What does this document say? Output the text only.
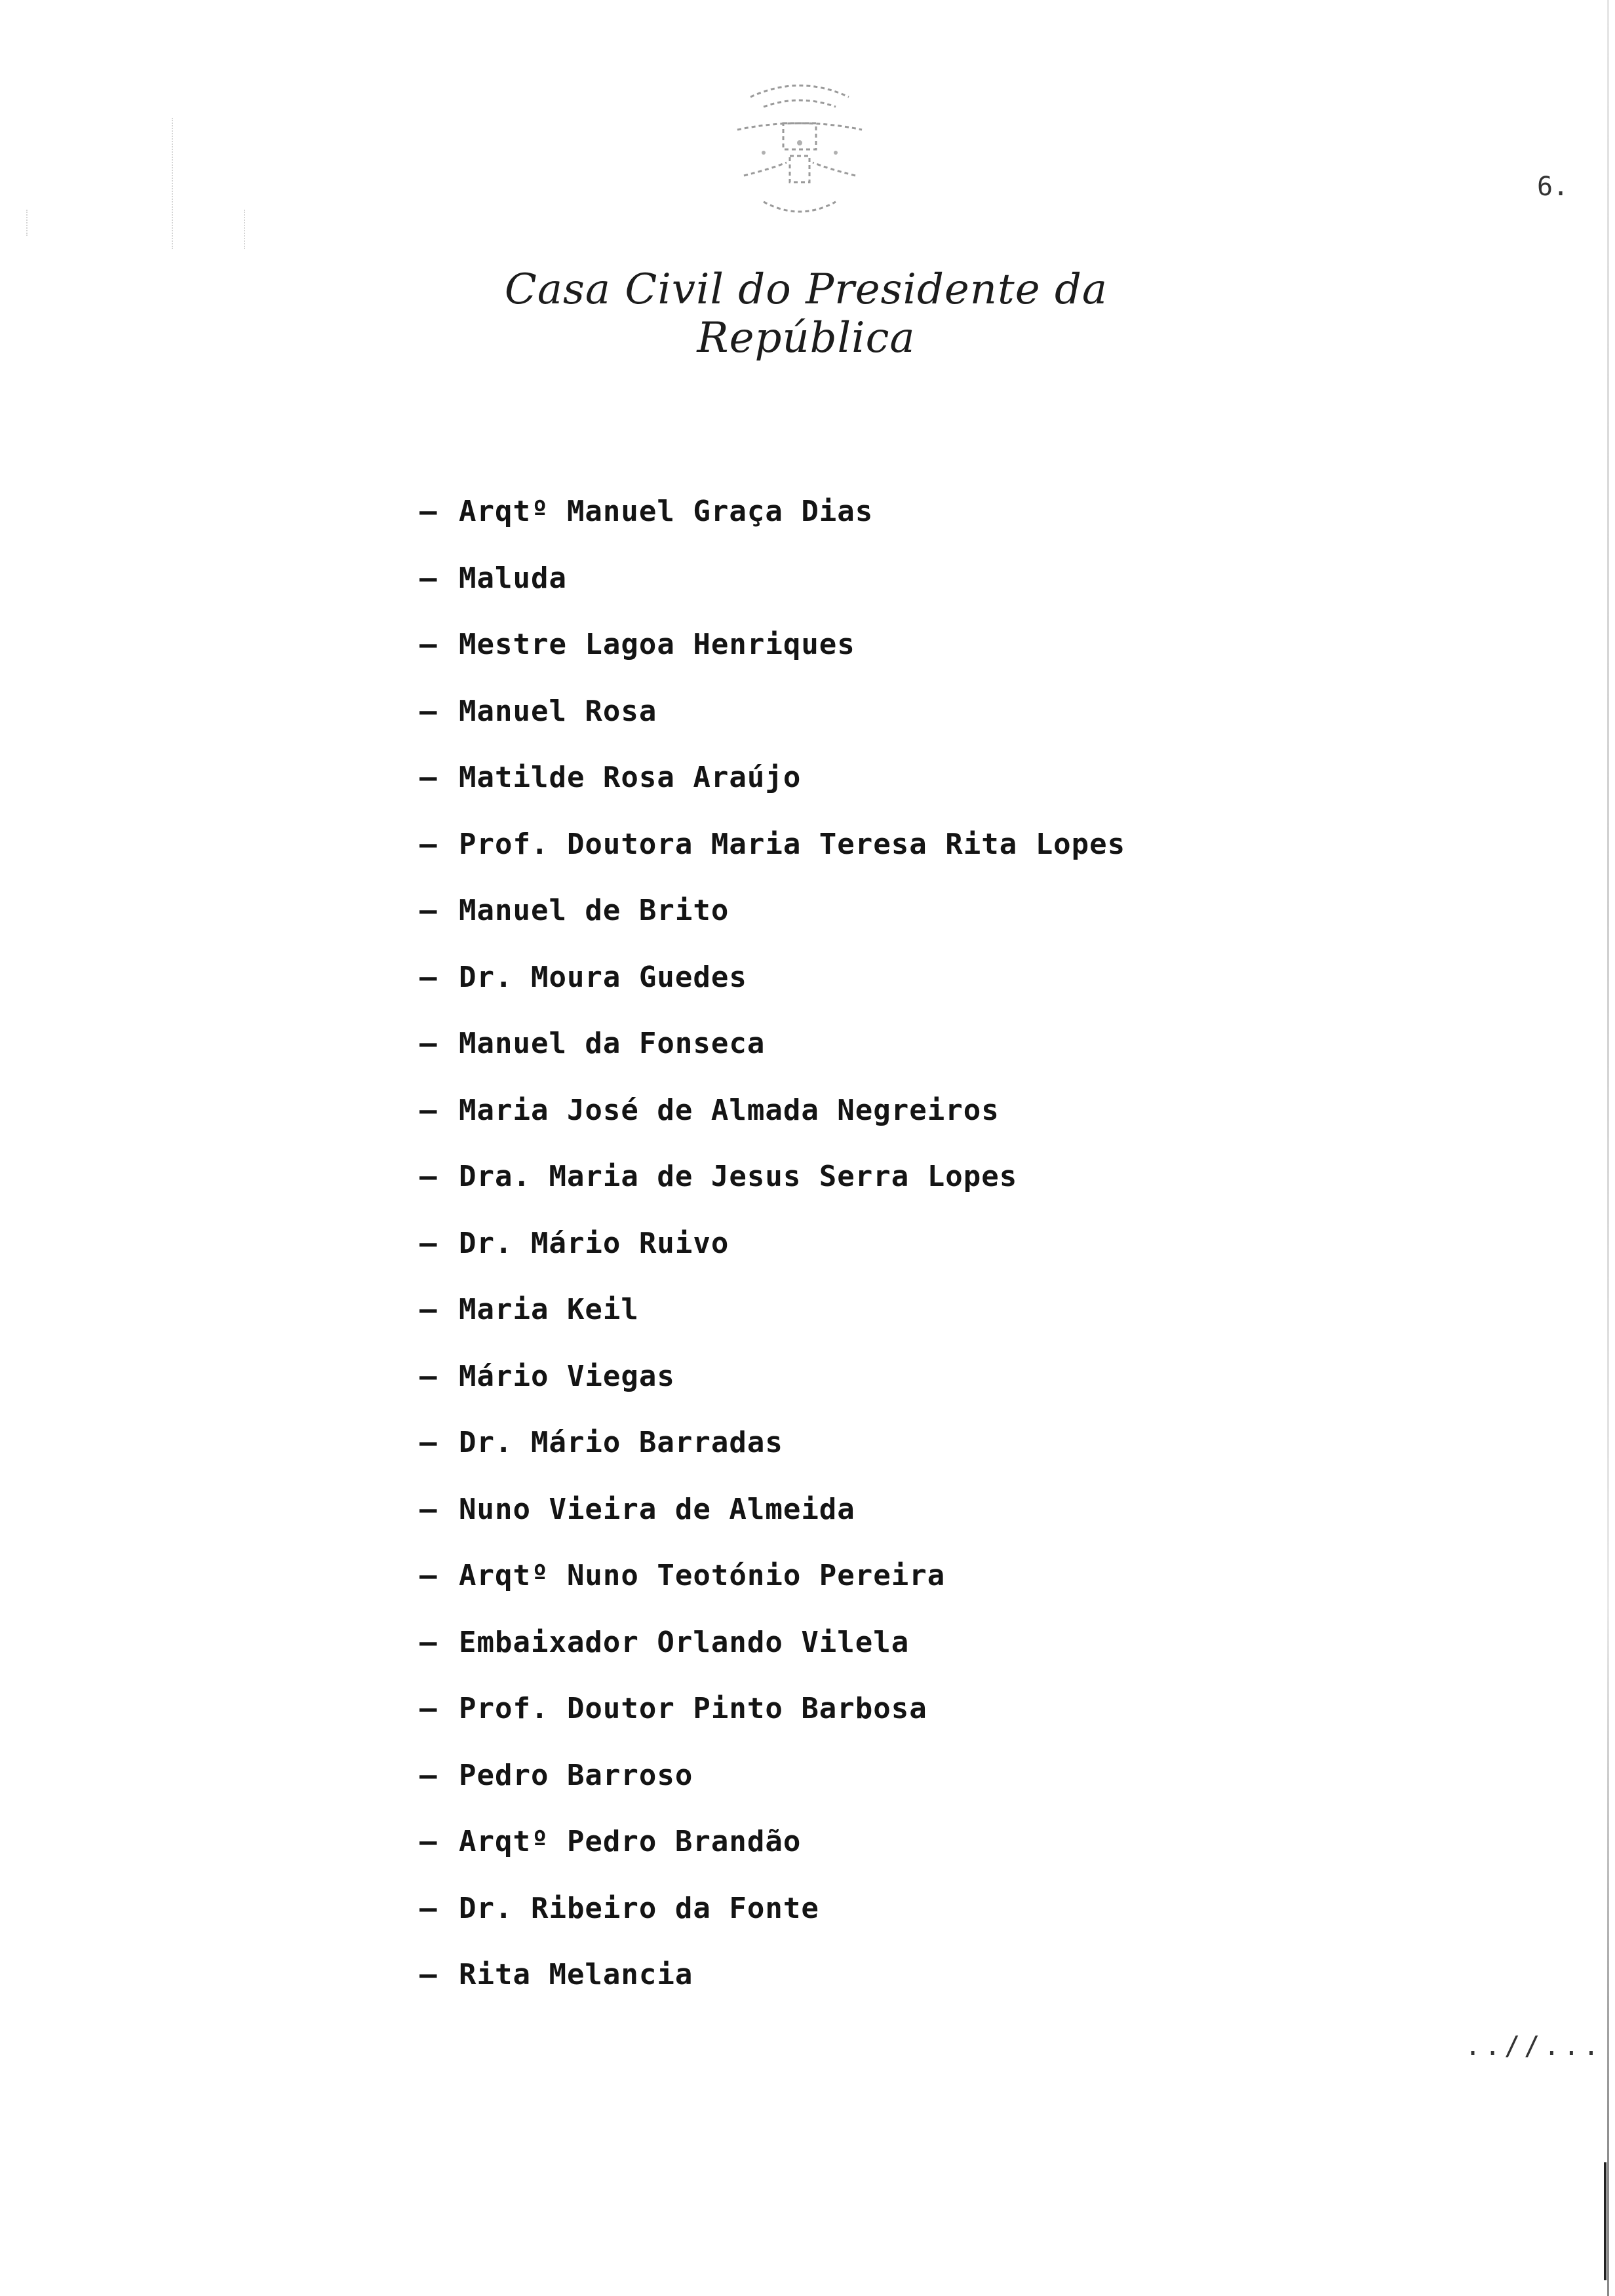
Casa Civil do Presidente da República
6.
– Arqtº Manuel Graça Dias
– Maluda
– Mestre Lagoa Henriques
– Manuel Rosa
– Matilde Rosa Araújo
– Prof. Doutora Maria Teresa Rita Lopes
– Manuel de Brito
– Dr. Moura Guedes
– Manuel da Fonseca
– Maria José de Almada Negreiros
– Dra. Maria de Jesus Serra Lopes
– Dr. Mário Ruivo
– Maria Keil
– Mário Viegas
– Dr. Mário Barradas
– Nuno Vieira de Almeida
– Arqtº Nuno Teotónio Pereira
– Embaixador Orlando Vilela
– Prof. Doutor Pinto Barbosa
– Pedro Barroso
– Arqtº Pedro Brandão
– Dr. Ribeiro da Fonte
– Rita Melancia
..//...
